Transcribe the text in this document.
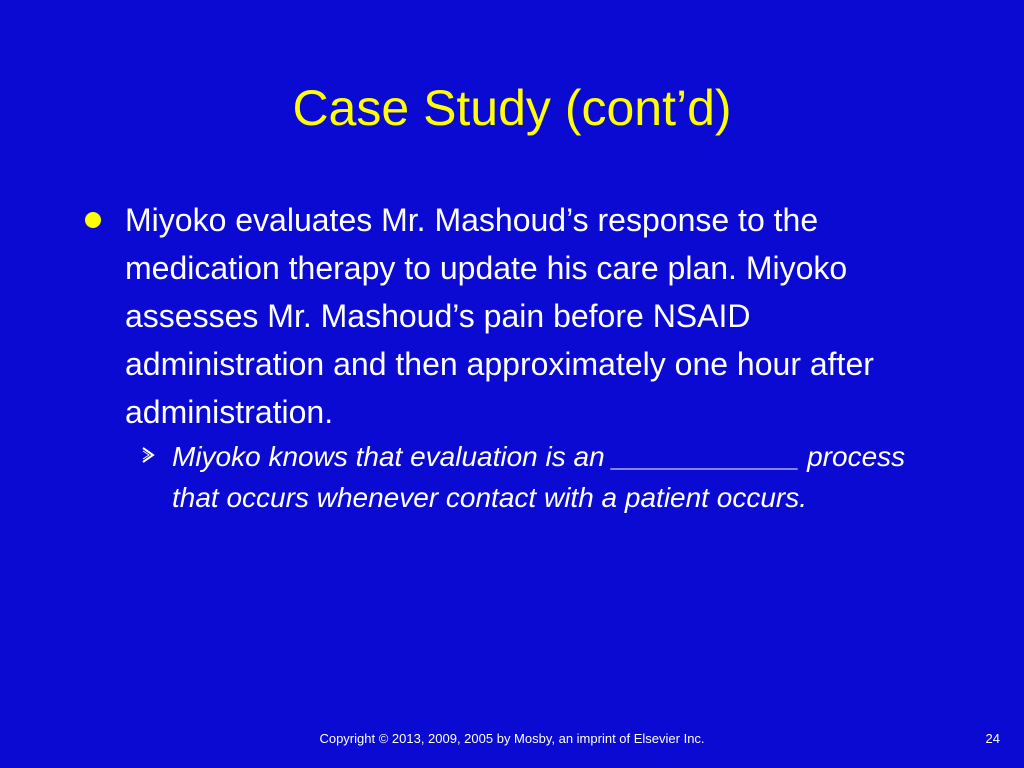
Case Study (cont’d)
Miyoko evaluates Mr. Mashoud’s response to the medication therapy to update his care plan. Miyoko assesses Mr. Mashoud’s pain before NSAID administration and then approximately one hour after administration.
Miyoko knows that evaluation is an ____________ process that occurs whenever contact with a patient occurs.
Copyright © 2013, 2009, 2005 by Mosby, an imprint of Elsevier Inc.	24
